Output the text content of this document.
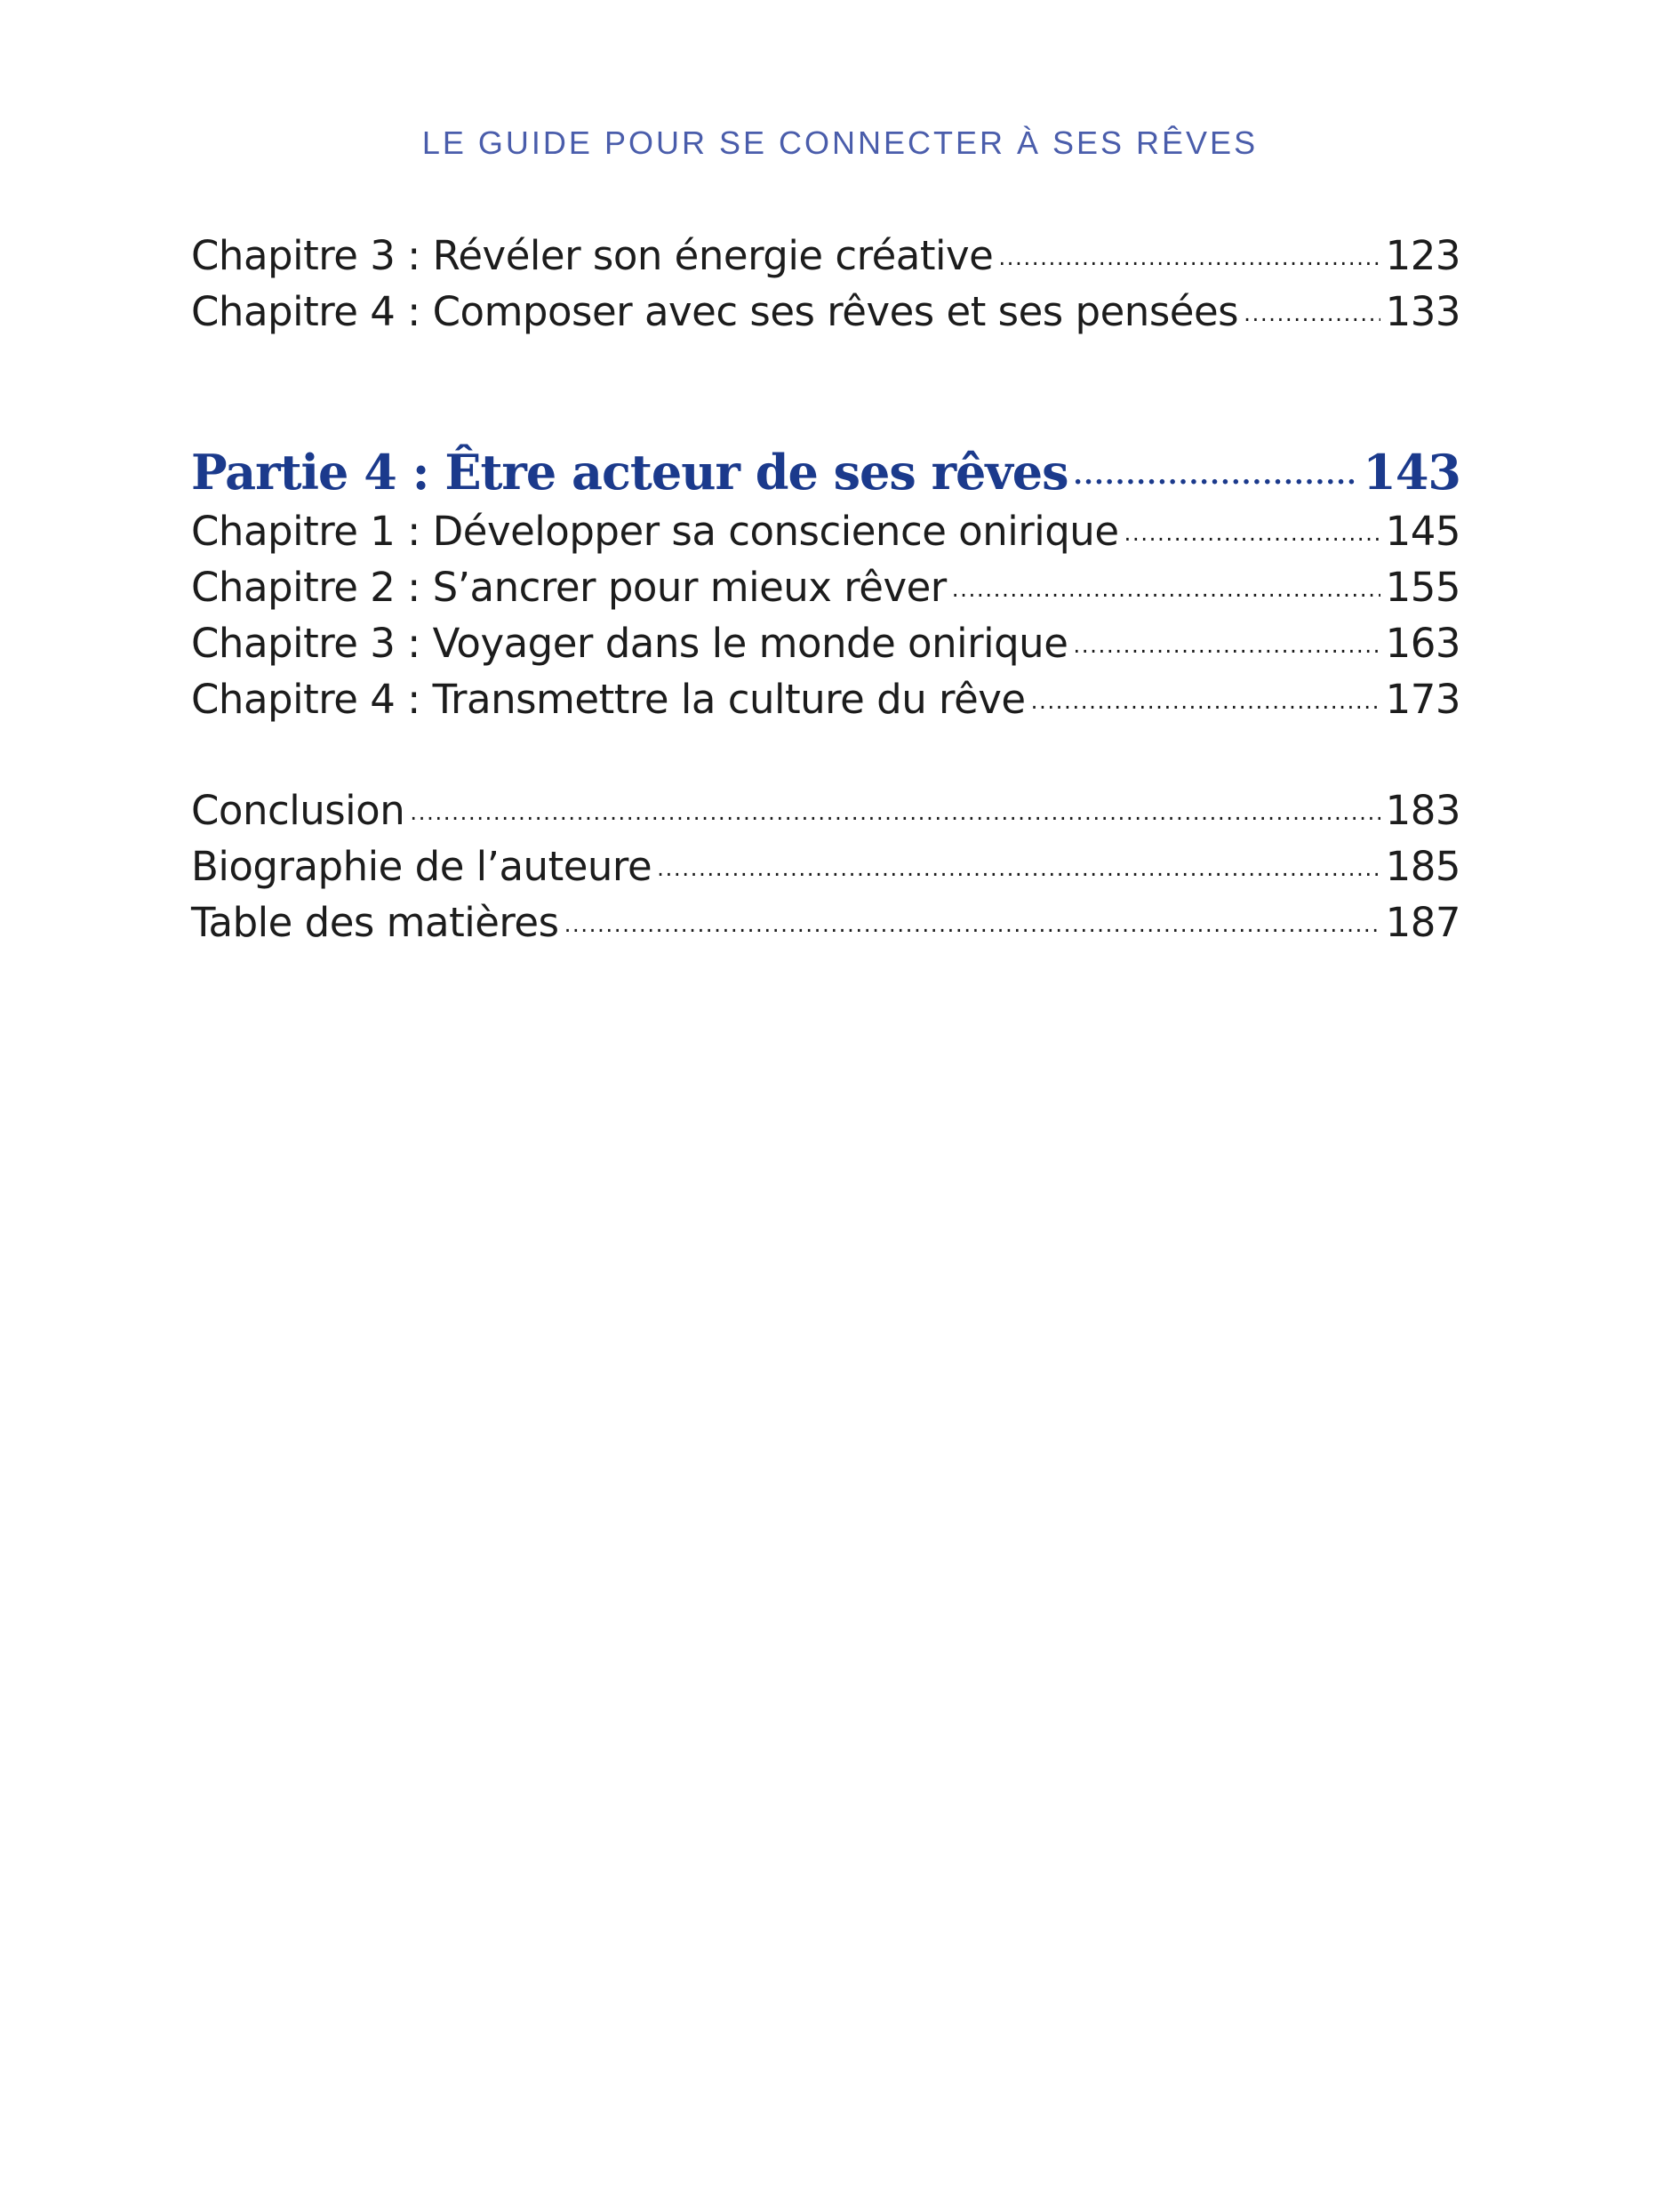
LE GUIDE POUR SE CONNECTER À SES RÊVES
Chapitre 3 : Révéler son énergie créative .....	123
Chapitre 4 : Composer avec ses rêves et ses pensées .....	133
Partie 4 : Être acteur de ses rêves .....	143
Chapitre 1 : Développer sa conscience onirique .....	145
Chapitre 2 : S’ancrer pour mieux rêver .....	155
Chapitre 3 : Voyager dans le monde onirique .....	163
Chapitre 4 : Transmettre la culture du rêve .....	173
Conclusion .....	183
Biographie de l’auteure .....	185
Table des matières .....	187
